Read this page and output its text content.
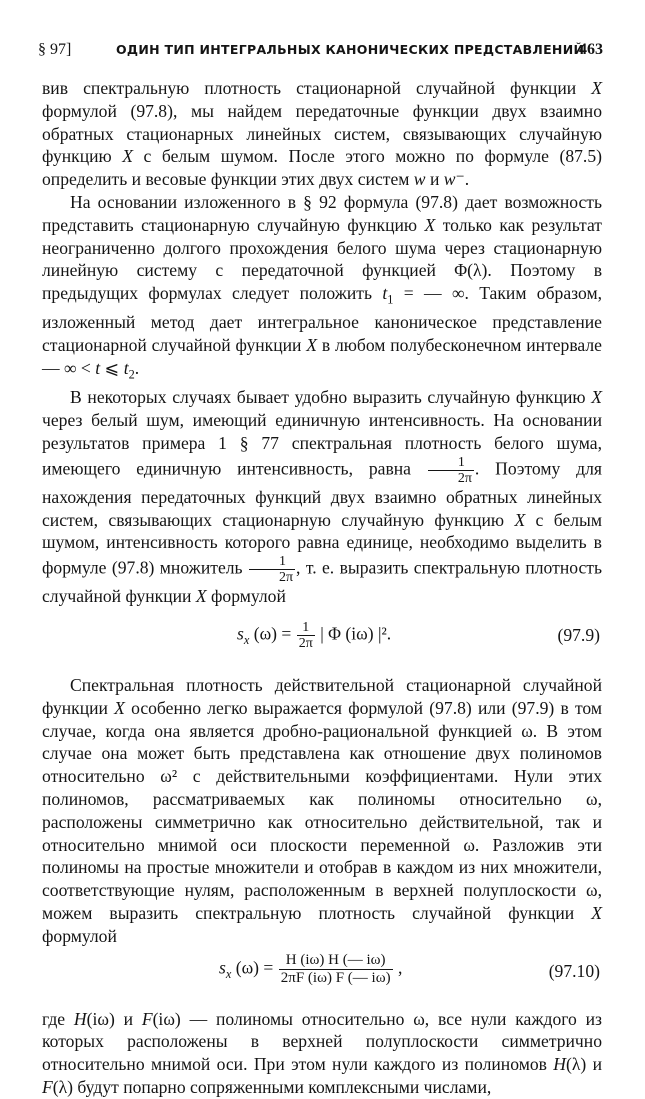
§ 97]	ОДИН ТИП ИНТЕГРАЛЬНЫХ КАНОНИЧЕСКИХ ПРЕДСТАВЛЕНИЙ
463

вив спектральную плотность стационарной случайной функции X формулой (97.8), мы найдем передаточные функции двух взаимно обратных стационарных линейных систем, связывающих случайную функцию X с белым шумом. После этого можно по формуле (87.5) определить и весовые функции этих двух систем w и w⁻.

На основании изложенного в § 92 формула (97.8) дает возможность представить стационарную случайную функцию X только как результат неограниченно долгого прохождения белого шума через стационарную линейную систему с передаточной функцией Φ(λ). Поэтому в предыдущих формулах следует положить $t_1$ = — ∞. Таким образом, изложенный метод дает интегральное каноническое представление стационарной случайной функции X в любом полубесконечном интервале — ∞ < t ⩽ $t_2$.

В некоторых случаях бывает удобно выразить случайную функцию X через белый шум, имеющий единичную интенсивность. На основании результатов примера 1 § 77 спектральная плотность белого шума, имеющего единичную интенсивность, равна $\frac{1}{2\pi}$ . Поэтому для нахождения передаточных функций двух взаимно обратных линейных систем, связывающих стационарную случайную функцию X с белым шумом, интенсивность которого равна единице, необходимо выделить в формуле (97.8) множитель $\frac{1}{2\pi}$ , т. е. выразить спектральную плотность случайной функции X формулой

$s_x$ $(\omega) = \frac{1}{2\pi}$ | Φ (iω) |².	(97.9)

Спектральная плотность действительной стационарной случайной функции X особенно легко выражается формулой (97.8) или (97.9) в том случае, когда она является дробно-рациональной функцией ω. В этом случае она может быть представлена как отношение двух полиномов относительно ω² с действительными коэффициентами. Нули этих полиномов, рассматриваемых как полиномы относительно ω, расположены симметрично как относительно действительной, так и относительно мнимой оси плоскости переменной ω. Разложив эти полиномы на простые множители и отобрав в каждом из них множители, соответствующие нулям, расположенным в верхней полуплоскости ω, можем выразить спектральную плотность случайной функции X формулой

$s_x$ $(\omega) = \frac{H (i\omega) H (— i\omega)}{2\pi F (i\omega) F (— i\omega)}$ ,	(97.10)

где H(iω) и F(iω) — полиномы относительно ω, все нули каждого из которых расположены в верхней полуплоскости симметрично относительно мнимой оси. При этом нули каждого из полиномов H(λ) и F(λ) будут попарно сопряженными комплексными числами,
